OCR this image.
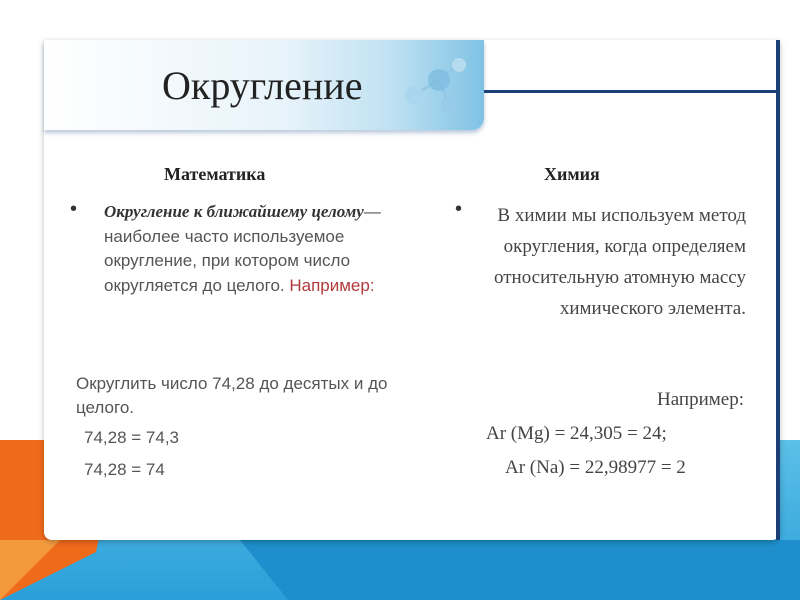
Округление
Математика	Химия
• Округление к ближайшему целому— наиболее часто используемое округление, при котором число округляется до целого. Например:
Округлить число 74,28 до десятых и до целого.
74,28 = 74,3
74,28 = 74
•	В химии мы используем метод округления, когда определяем относительную атомную массу химического элемента.
Например:
Ar (Mg) = 24,305 = 24;
Ar (Na) = 22,98977 = 2
